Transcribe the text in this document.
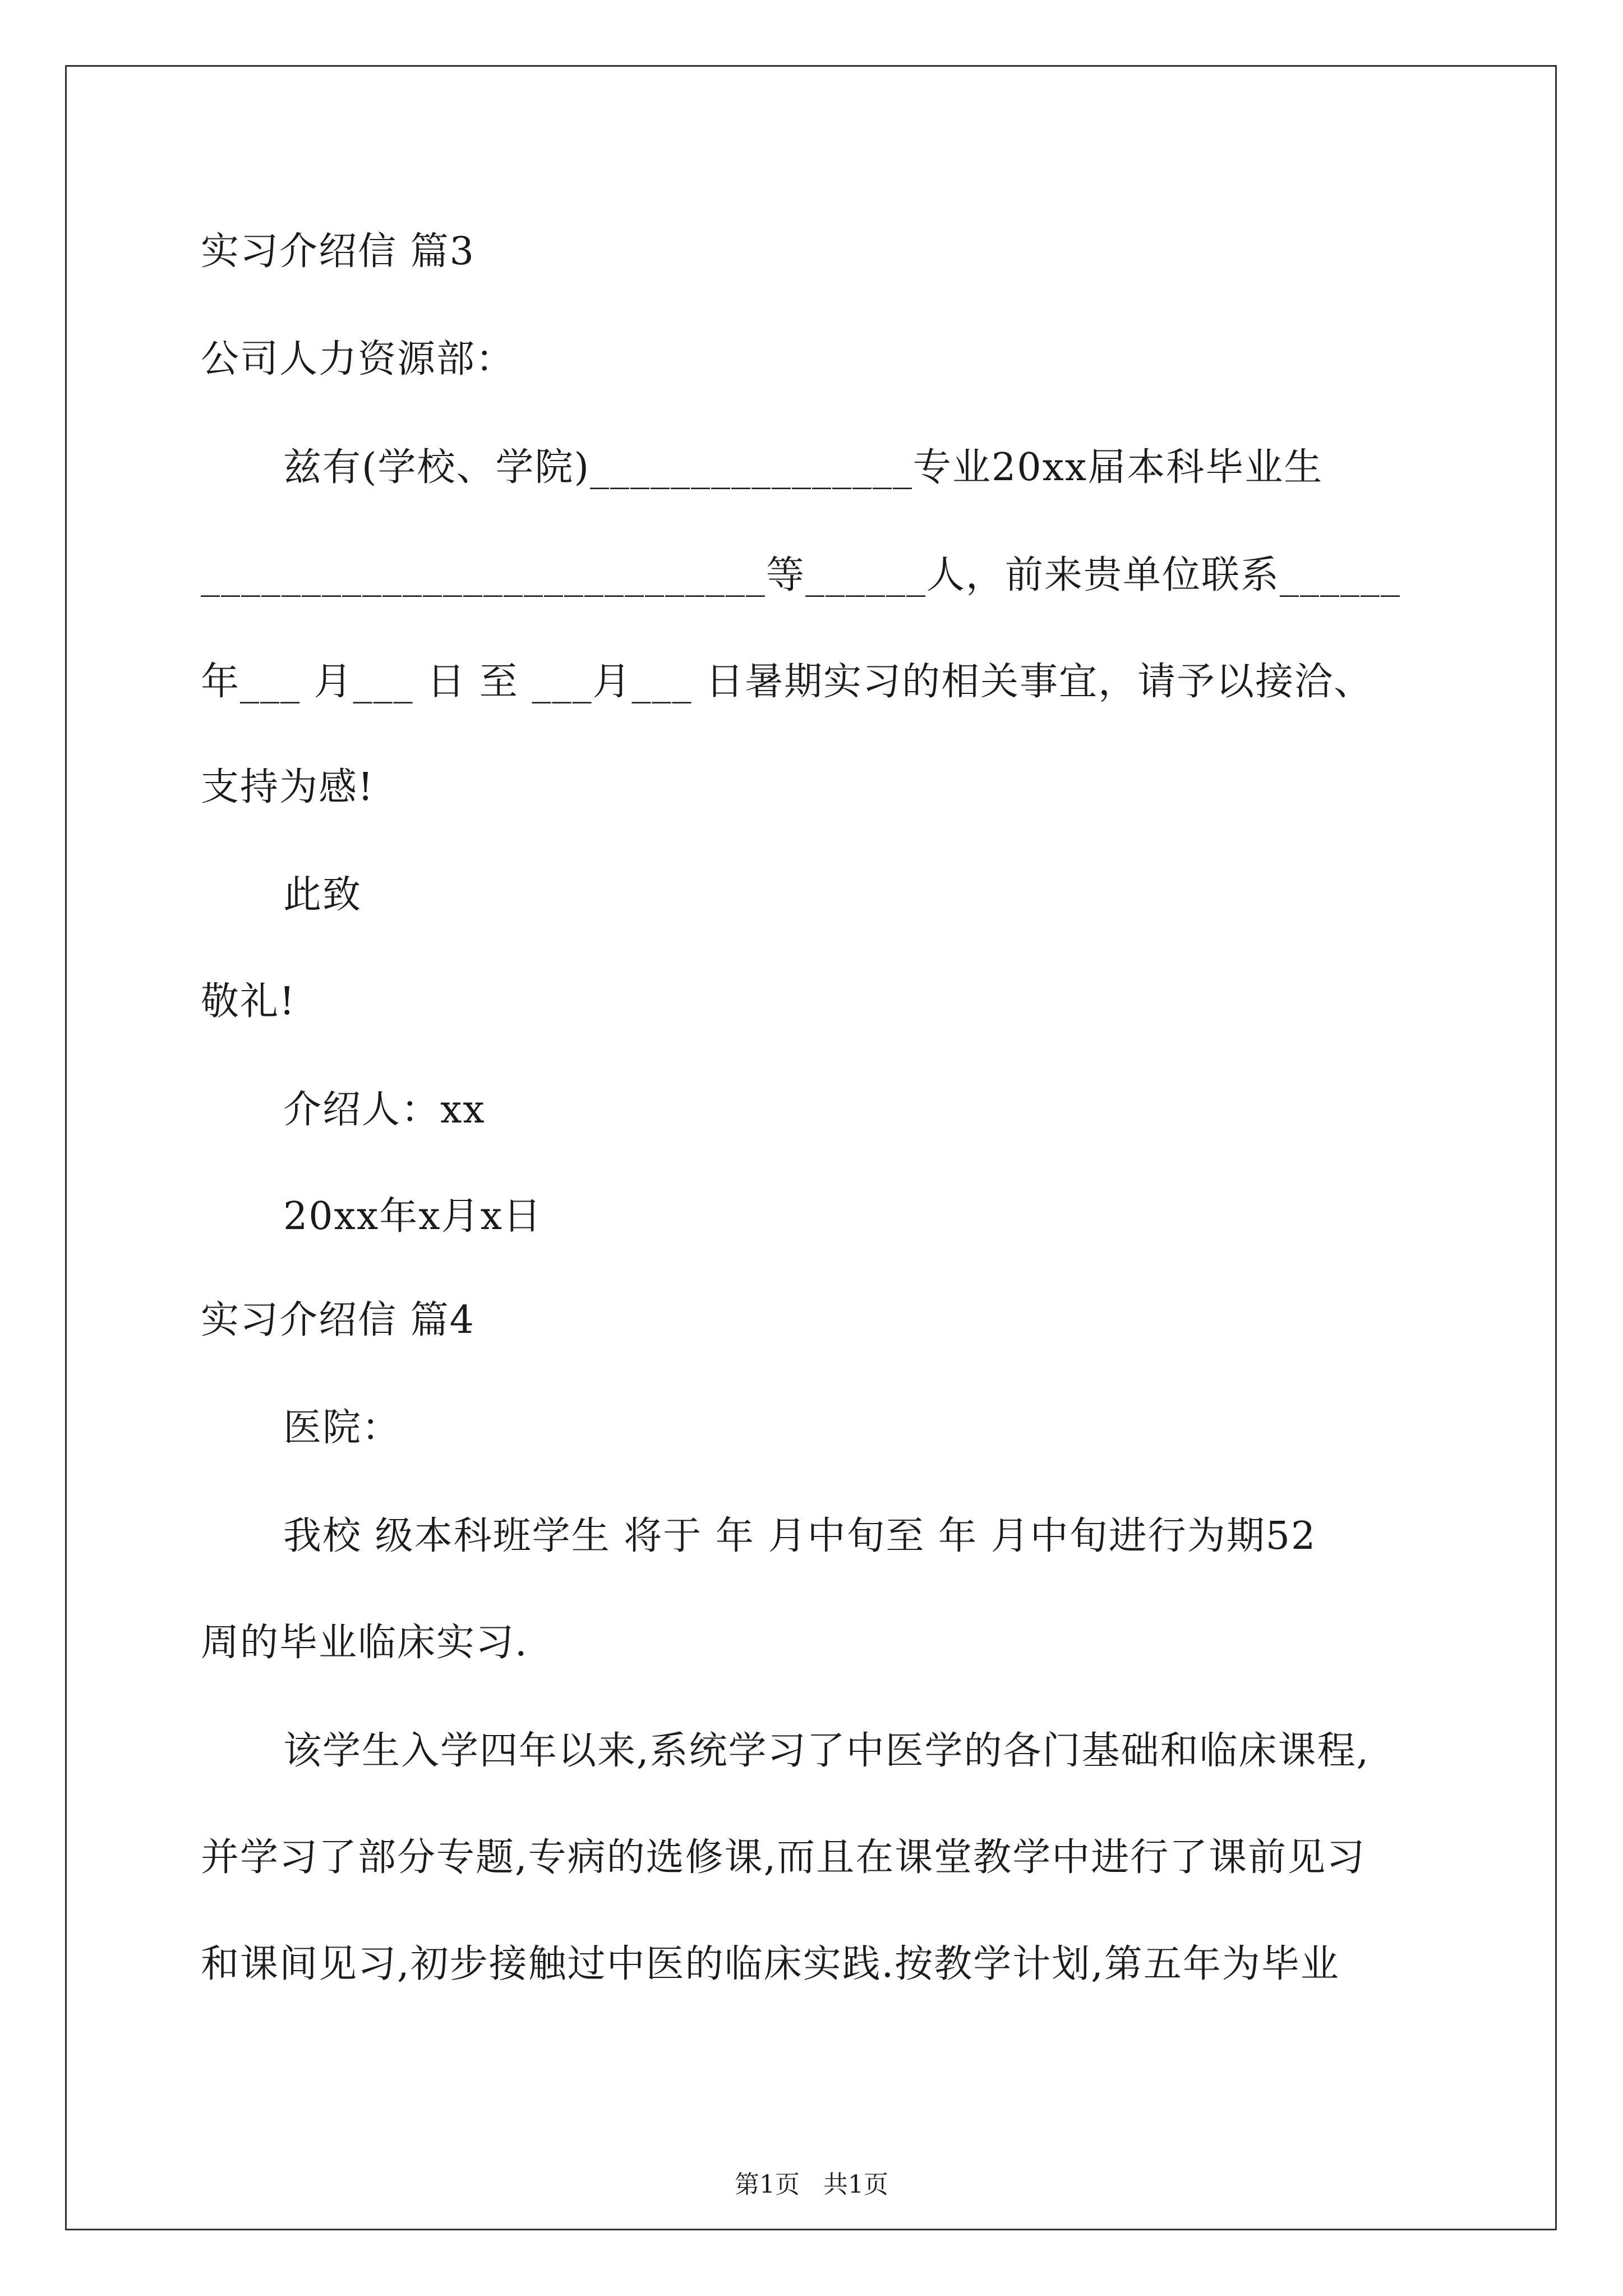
实习介绍信 篇3
公司人力资源部：
兹有(学校、学院)________________专业20xx届本科毕业生
____________________________等______人，前来贵单位联系______
年___ 月___ 日 至 ___月___ 日暑期实习的相关事宜，请予以接洽、
支持为感!
此致
敬礼!
介绍人：xx
20xx年x月x日
实习介绍信 篇4
医院：
我校 级本科班学生 将于 年 月中旬至 年 月中旬进行为期52
周的毕业临床实习.
该学生入学四年以来,系统学习了中医学的各门基础和临床课程,
并学习了部分专题,专病的选修课,而且在课堂教学中进行了课前见习
和课间见习,初步接触过中医的临床实践.按教学计划,第五年为毕业
第1页   共1页
